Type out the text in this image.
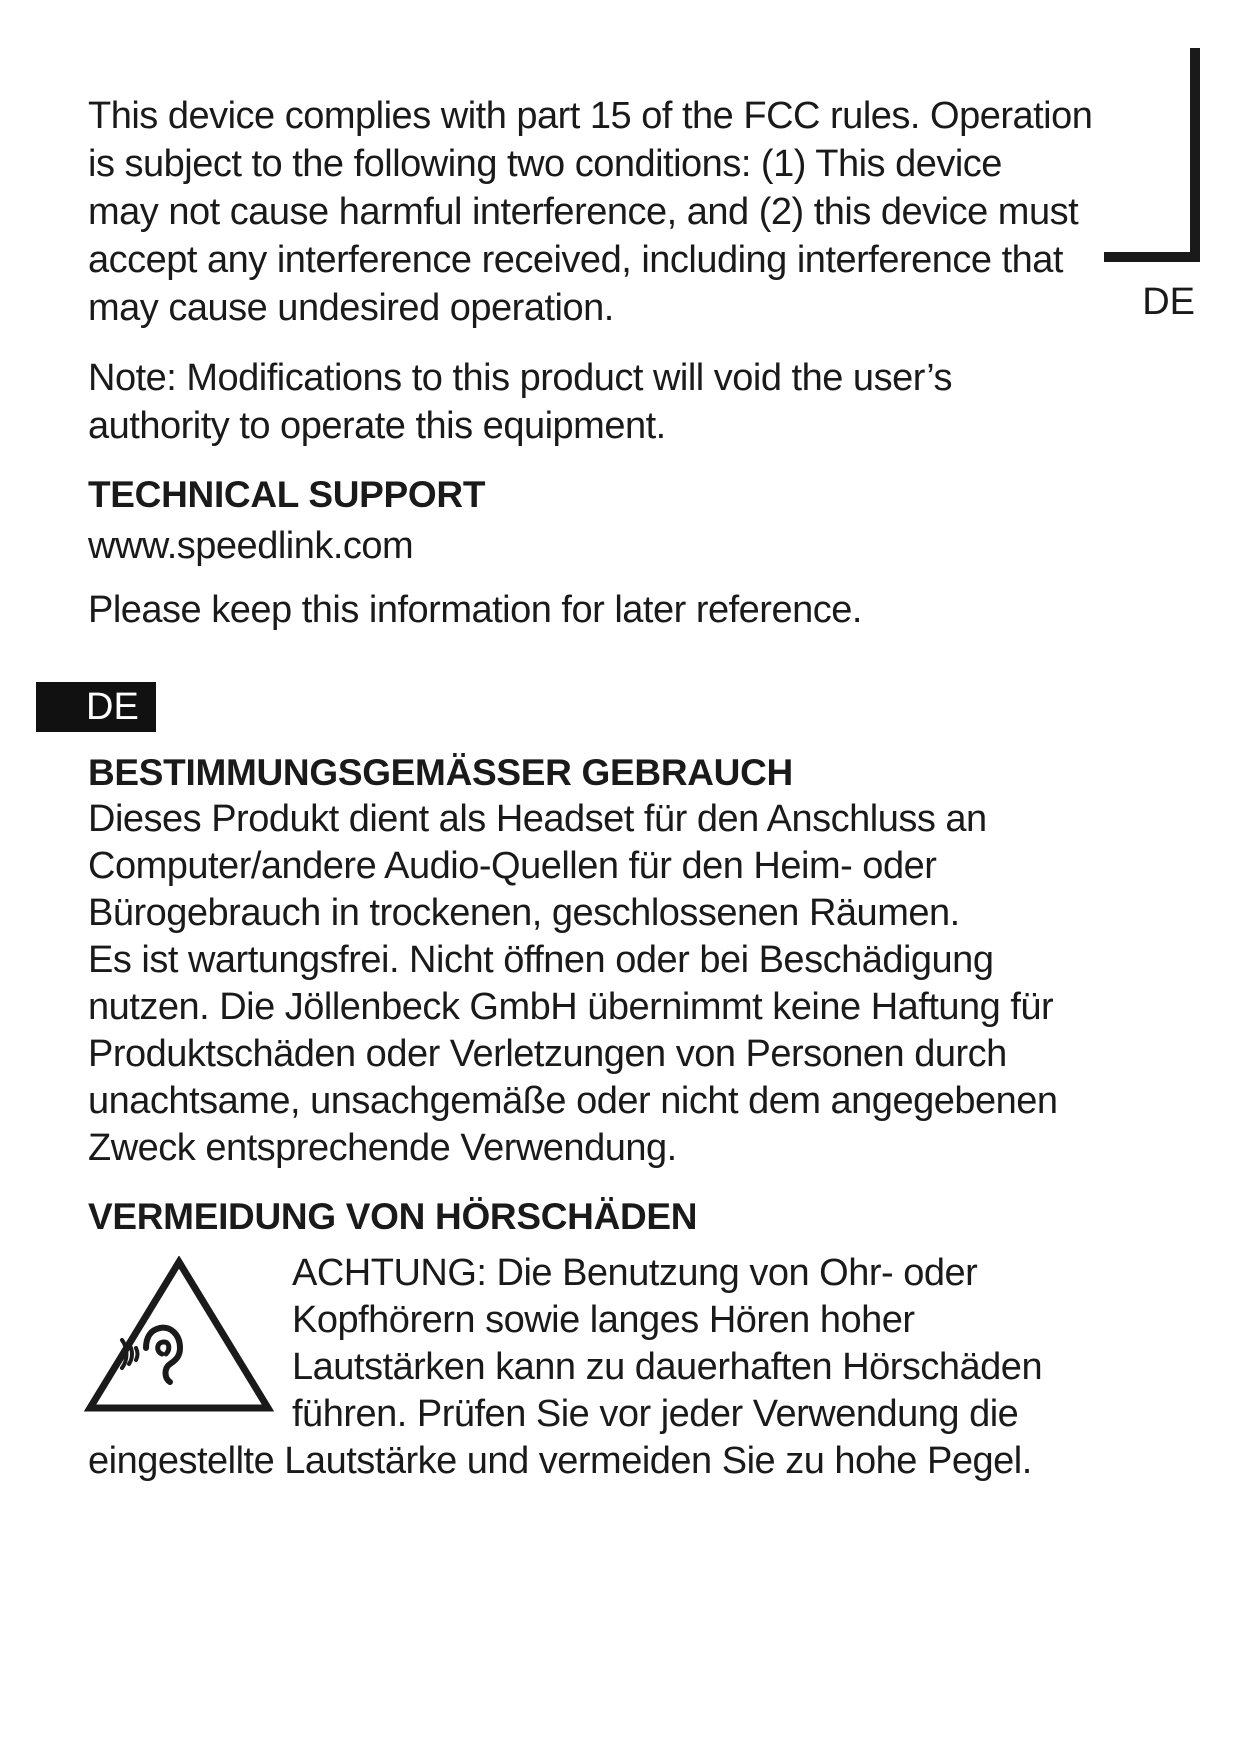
DE
This device complies with part 15 of the FCC rules. Operation
is subject to the following two conditions: (1) This device
may not cause harmful interference, and (2) this device must
accept any interference received, including interference that
may cause undesired operation.
Note: Modifications to this product will void the user’s
authority to operate this equipment.
TECHNICAL SUPPORT
www.speedlink.com
Please keep this information for later reference.
DE
BESTIMMUNGSGEMÄSSER GEBRAUCH
Dieses Produkt dient als Headset für den Anschluss an
Computer/andere Audio-Quellen für den Heim- oder
Bürogebrauch in trockenen, geschlossenen Räumen.
Es ist wartungsfrei. Nicht öffnen oder bei Beschädigung
nutzen. Die Jöllenbeck GmbH übernimmt keine Haftung für
Produktschäden oder Verletzungen von Personen durch
unachtsame, unsachgemäße oder nicht dem angegebenen
Zweck entsprechende Verwendung.
VERMEIDUNG VON HÖRSCHÄDEN
ACHTUNG: Die Benutzung von Ohr- oder
Kopfhörern sowie langes Hören hoher
Lautstärken kann zu dauerhaften Hörschäden
führen. Prüfen Sie vor jeder Verwendung die
eingestellte Lautstärke und vermeiden Sie zu hohe Pegel.
